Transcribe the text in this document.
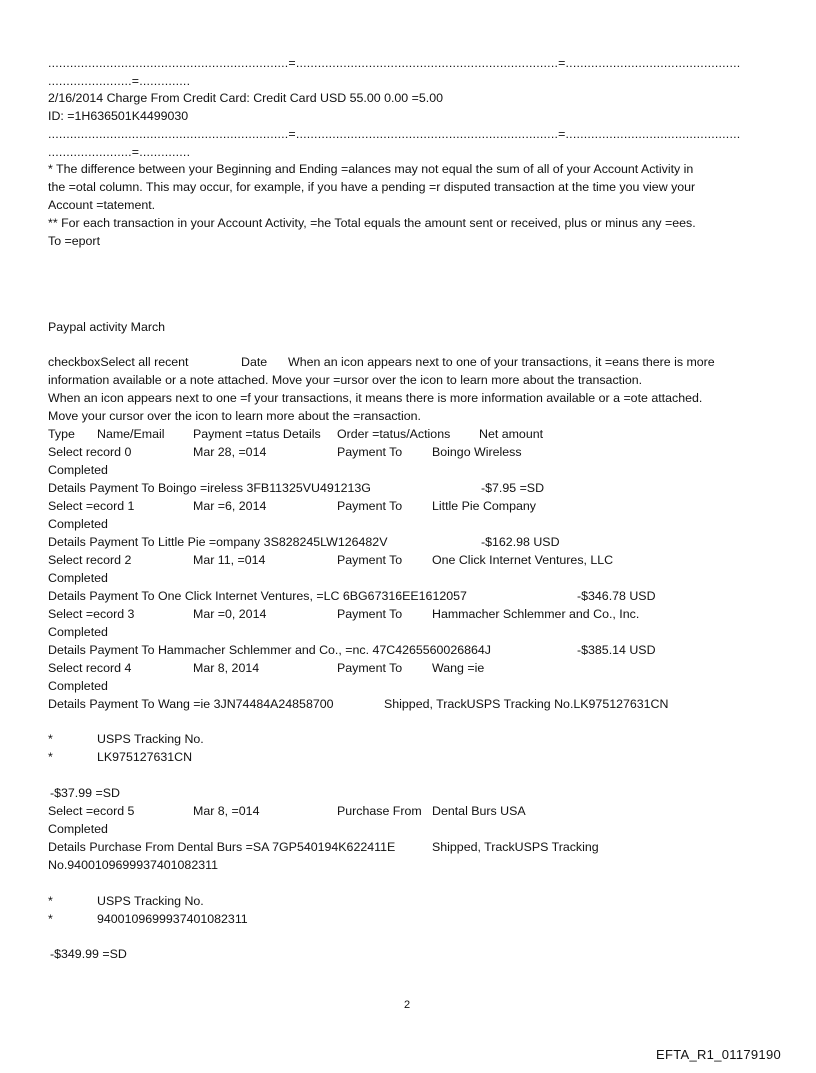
..................................................................=........................................................................=................................................
.......................=..............
2/16/2014 Charge From Credit Card: Credit Card USD 55.00 0.00 =5.00
ID: =1H636501K4499030
..................................................................=........................................................................=................................................
.......................=..............
* The difference between your Beginning and Ending =alances may not equal the sum of all of your Account Activity in
the =otal column. This may occur, for example, if you have a pending =r disputed transaction at the time you view your
Account =tatement.
** For each transaction in your Account Activity, =he Total equals the amount sent or received, plus or minus any =ees.
To =eport
Paypal activity March
checkboxSelect all recent	Date When an icon appears next to one of your transactions, it =eans there is more
information available or a note attached. Move your =ursor over the icon to learn more about the transaction.
When an icon appears next to one =f your transactions, it means there is more information available or a =ote attached.
Move your cursor over the icon to learn more about the =ransaction.
Type Name/Email Payment =tatus Details Order =tatus/Actions Net amount
Select record 0	Mar 28, =014	Payment To Boingo Wireless
Completed
Details Payment To Boingo =ireless 3FB11325VU491213G	-$7.95 =SD
Select =ecord 1	Mar =6, 2014	Payment To Little Pie Company
Completed
Details Payment To Little Pie =ompany 3S828245LW126482V	-$162.98 USD
Select record 2	Mar 11, =014	Payment To One Click Internet Ventures, LLC
Completed
Details Payment To One Click Internet Ventures, =LC 6BG67316EE1612057	-$346.78 USD
Select =ecord 3	Mar =0, 2014	Payment To Hammacher Schlemmer and Co., Inc.
Completed
Details Payment To Hammacher Schlemmer and Co., =nc. 47C4265560026864J	-$385.14 USD
Select record 4	Mar 8, 2014	Payment To Wang =ie
Completed
Details Payment To Wang =ie 3JN74484A24858700	Shipped, TrackUSPS Tracking No.LK975127631CN
*	USPS Tracking No.
*	LK975127631CN
-$37.99 =SD
Select =ecord 5	Mar 8, =014	Purchase From Dental Burs USA
Completed
Details Purchase From Dental Burs =SA 7GP540194K622411E	Shipped, TrackUSPS Tracking
No.9400109699937401082311
*	USPS Tracking No.
*	9400109699937401082311
-$349.99 =SD
2
EFTA_R1_01179190
